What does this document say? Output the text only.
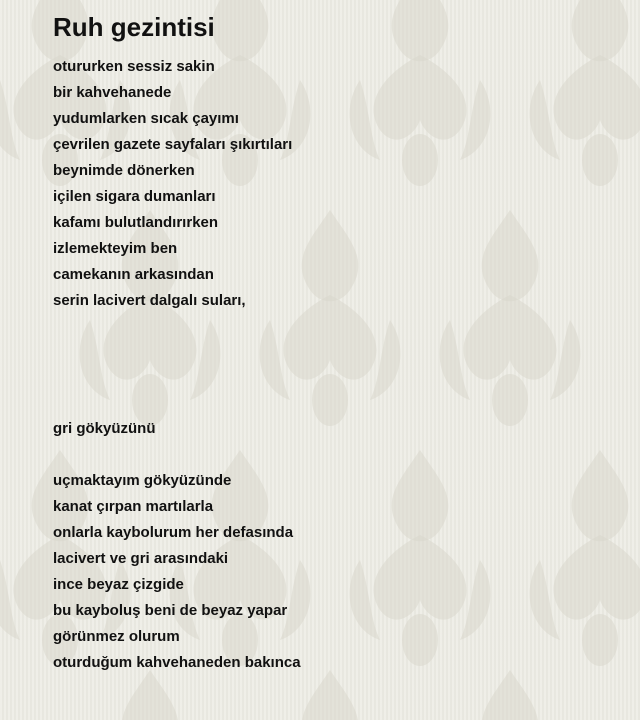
Ruh gezintisi
otururken sessiz sakin
bir kahvehanede
yudumlarken sıcak çayımı
çevrilen gazete sayfaları şıkırtıları
beynimde dönerken
içilen sigara dumanları
kafamı bulutlandırırken
izlemekteyim ben
camekanın arkasından
serin lacivert dalgalı suları,
gri gökyüzünü
uçmaktayım gökyüzünde
kanat çırpan martılarla
onlarla kaybolurum her defasında
lacivert ve gri arasındaki
ince beyaz çizgide
bu kayboluş beni de beyaz yapar
görünmez olurum
oturduğum kahvehaneden bakınca
